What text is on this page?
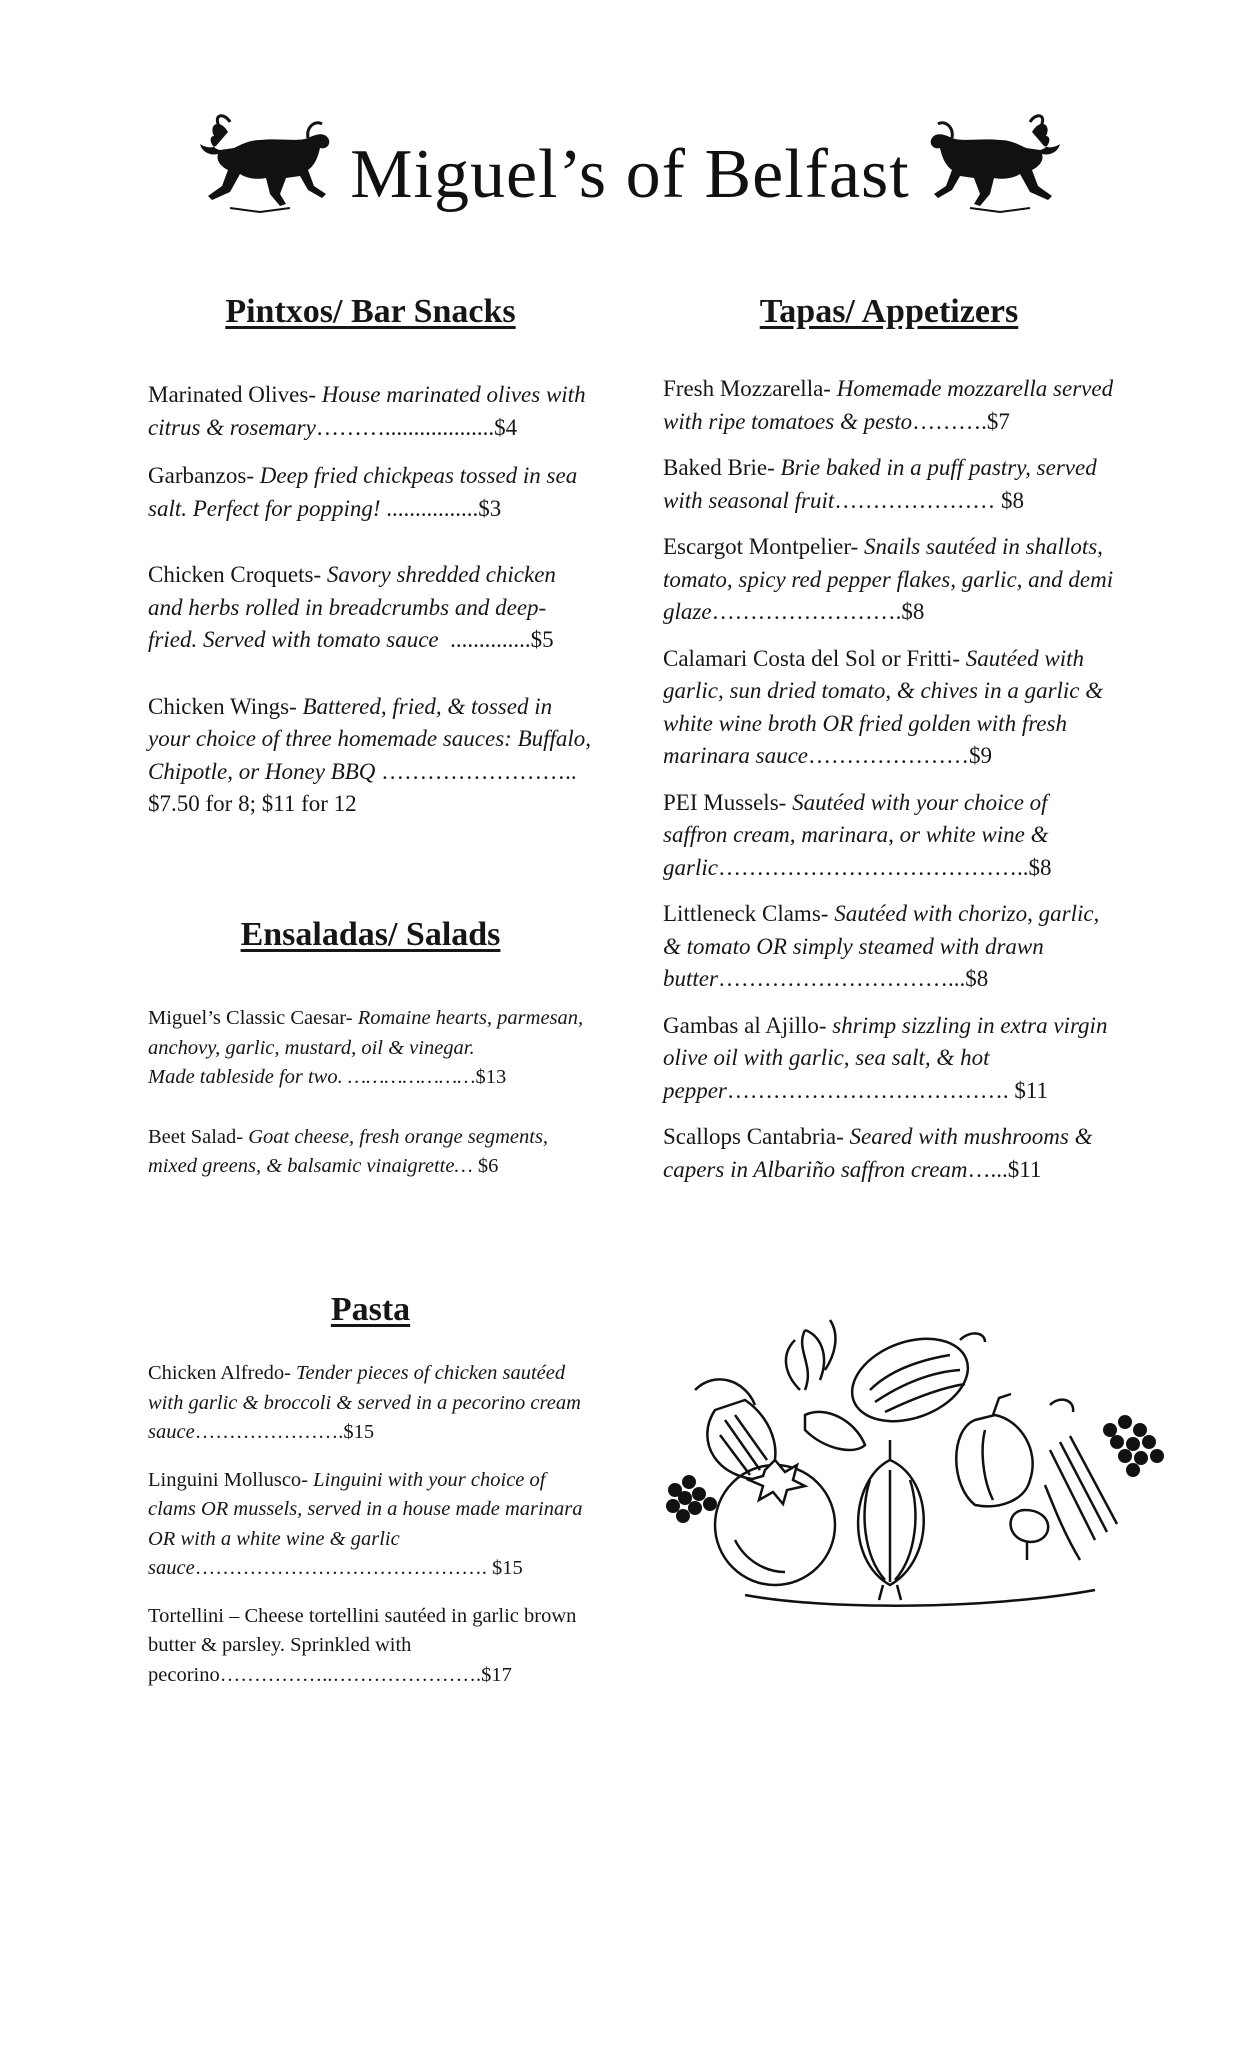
Miguel’s of Belfast
Pintxos/ Bar Snacks
Marinated Olives- House marinated olives with citrus & rosemary………...................$4
Garbanzos- Deep fried chickpeas tossed in sea salt. Perfect for popping! ................$3
Chicken Croquets- Savory shredded chicken and herbs rolled in breadcrumbs and deep-fried. Served with tomato sauce  ..............$5
Chicken Wings- Battered, fried, & tossed in your choice of three homemade sauces: Buffalo, Chipotle, or Honey BBQ …………………….. $7.50 for 8; $11 for 12
Tapas/ Appetizers
Fresh Mozzarella- Homemade mozzarella served with ripe tomatoes & pesto……….$7
Baked Brie- Brie baked in a puff pastry, served with seasonal fruit………………… $8
Escargot Montpelier- Snails sautéed in shallots, tomato, spicy red pepper flakes, garlic, and demi glaze…………………….$8
Calamari Costa del Sol or Fritti- Sautéed with garlic, sun dried tomato, & chives in a garlic & white wine broth OR fried golden with fresh marinara sauce…………………$9
PEI Mussels- Sautéed with your choice of saffron cream, marinara, or white wine & garlic…………………………………..$8
Littleneck Clams- Sautéed with chorizo, garlic, & tomato OR simply steamed with drawn butter…………………………...$8
Gambas al Ajillo- shrimp sizzling in extra virgin olive oil with garlic, sea salt, & hot pepper………………………………. $11
Scallops Cantabria- Seared with mushrooms & capers in Albariño saffron cream…...$11
Ensaladas/ Salads
Miguel’s Classic Caesar- Romaine hearts, parmesan, anchovy, garlic, mustard, oil & vinegar.
Made tableside for two. …………………$13
Beet Salad- Goat cheese, fresh orange segments, mixed greens, & balsamic vinaigrette… $6
Pasta
Chicken Alfredo- Tender pieces of chicken sautéed with garlic & broccoli & served in a pecorino cream sauce………………….$15
Linguini Mollusco- Linguini with your choice of clams OR mussels, served in a house made marinara OR with a white wine & garlic sauce……………………………………. $15
Tortellini – Cheese tortellini sautéed in garlic brown butter & parsley. Sprinkled with pecorino……………..………………….$17
